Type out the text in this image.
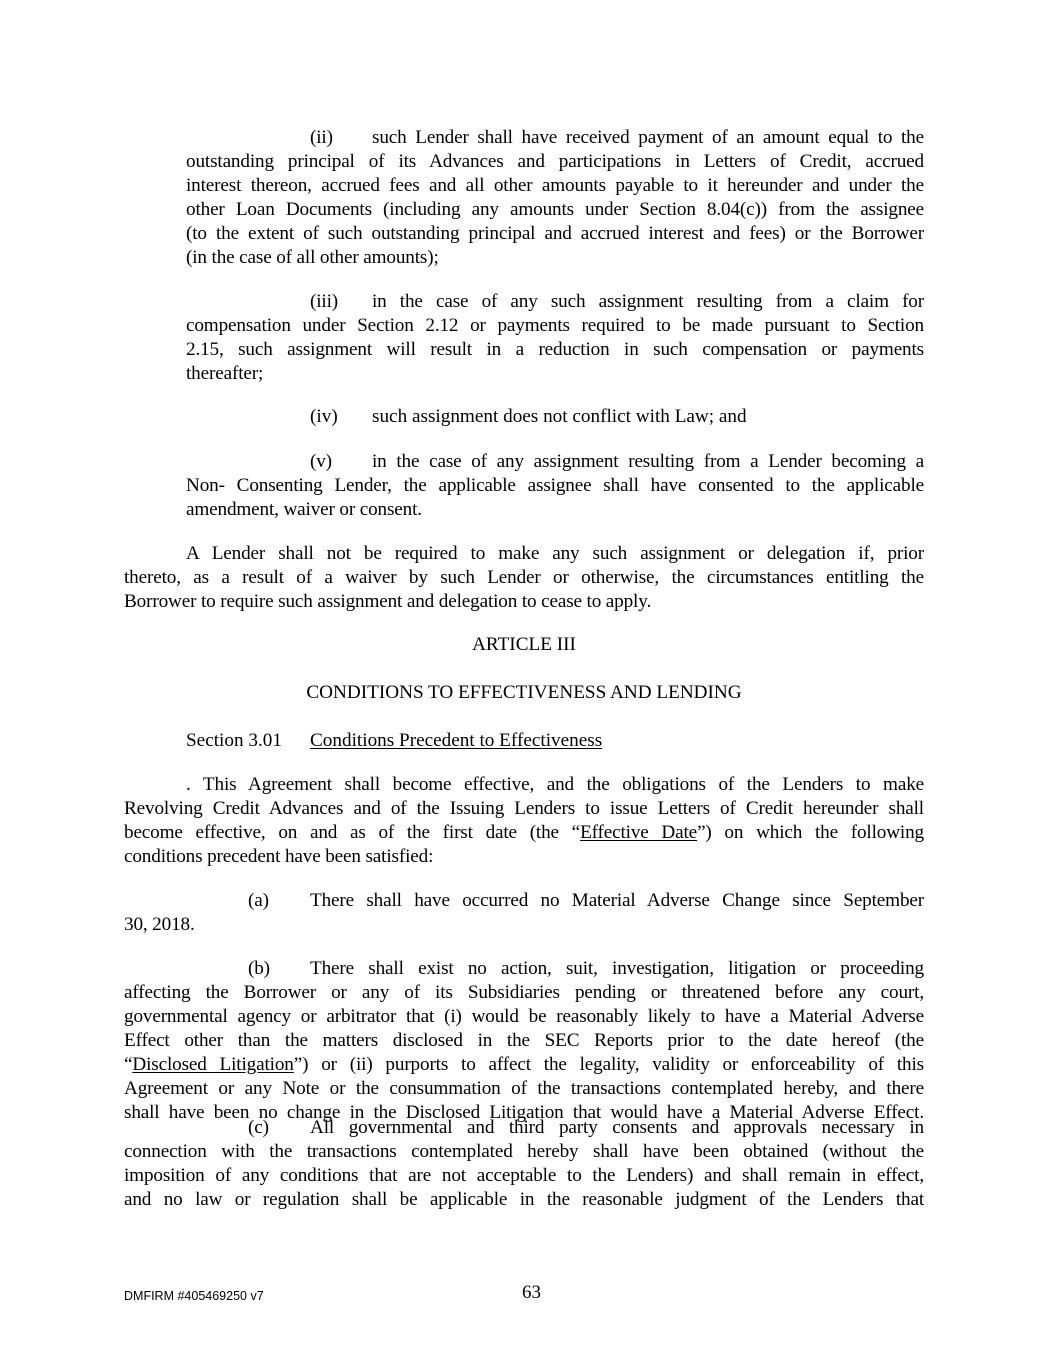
(ii) such Lender shall have received payment of an amount equal to the
outstanding principal of its Advances and participations in Letters of Credit, accrued
interest thereon, accrued fees and all other amounts payable to it hereunder and under the
other Loan Documents (including any amounts under Section 8.04(c)) from the assignee
(to the extent of such outstanding principal and accrued interest and fees) or the Borrower
(in the case of all other amounts);
(iii) in the case of any such assignment resulting from a claim for
compensation under Section 2.12 or payments required to be made pursuant to Section
2.15, such assignment will result in a reduction in such compensation or payments
thereafter;
(iv) such assignment does not conflict with Law; and
(v) in the case of any assignment resulting from a Lender becoming a
Non- Consenting Lender, the applicable assignee shall have consented to the applicable
amendment, waiver or consent.
A Lender shall not be required to make any such assignment or delegation if, prior
thereto, as a result of a waiver by such Lender or otherwise, the circumstances entitling the
Borrower to require such assignment and delegation to cease to apply.
ARTICLE III
CONDITIONS TO EFFECTIVENESS AND LENDING
Section 3.01 Conditions Precedent to Effectiveness
. This Agreement shall become effective, and the obligations of the Lenders to make
Revolving Credit Advances and of the Issuing Lenders to issue Letters of Credit hereunder shall
become effective, on and as of the first date (the “Effective Date”) on which the following
conditions precedent have been satisfied:
(a) There shall have occurred no Material Adverse Change since September
30, 2018.
(b) There shall exist no action, suit, investigation, litigation or proceeding
affecting the Borrower or any of its Subsidiaries pending or threatened before any court,
governmental agency or arbitrator that (i) would be reasonably likely to have a Material Adverse
Effect other than the matters disclosed in the SEC Reports prior to the date hereof (the
“Disclosed Litigation”) or (ii) purports to affect the legality, validity or enforceability of this
Agreement or any Note or the consummation of the transactions contemplated hereby, and there
shall have been no change in the Disclosed Litigation that would have a Material Adverse Effect.
(c) All governmental and third party consents and approvals necessary in
connection with the transactions contemplated hereby shall have been obtained (without the
imposition of any conditions that are not acceptable to the Lenders) and shall remain in effect,
and no law or regulation shall be applicable in the reasonable judgment of the Lenders that
DMFIRM #405469250 v7	63
